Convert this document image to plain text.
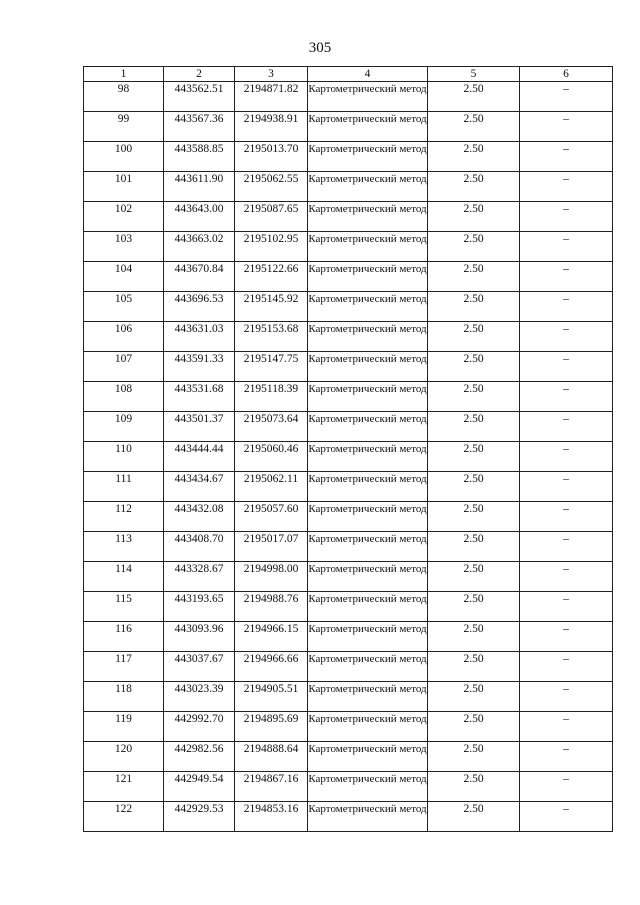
305
1	2	3	4	5	6
98	443562.51	2194871.82	Картометрический метод	2.50	–
99	443567.36	2194938.91	Картометрический метод	2.50	–
100	443588.85	2195013.70	Картометрический метод	2.50	–
101	443611.90	2195062.55	Картометрический метод	2.50	–
102	443643.00	2195087.65	Картометрический метод	2.50	–
103	443663.02	2195102.95	Картометрический метод	2.50	–
104	443670.84	2195122.66	Картометрический метод	2.50	–
105	443696.53	2195145.92	Картометрический метод	2.50	–
106	443631.03	2195153.68	Картометрический метод	2.50	–
107	443591.33	2195147.75	Картометрический метод	2.50	–
108	443531.68	2195118.39	Картометрический метод	2.50	–
109	443501.37	2195073.64	Картометрический метод	2.50	–
110	443444.44	2195060.46	Картометрический метод	2.50	–
111	443434.67	2195062.11	Картометрический метод	2.50	–
112	443432.08	2195057.60	Картометрический метод	2.50	–
113	443408.70	2195017.07	Картометрический метод	2.50	–
114	443328.67	2194998.00	Картометрический метод	2.50	–
115	443193.65	2194988.76	Картометрический метод	2.50	–
116	443093.96	2194966.15	Картометрический метод	2.50	–
117	443037.67	2194966.66	Картометрический метод	2.50	–
118	443023.39	2194905.51	Картометрический метод	2.50	–
119	442992.70	2194895.69	Картометрический метод	2.50	–
120	442982.56	2194888.64	Картометрический метод	2.50	–
121	442949.54	2194867.16	Картометрический метод	2.50	–
122	442929.53	2194853.16	Картометрический метод	2.50	–
